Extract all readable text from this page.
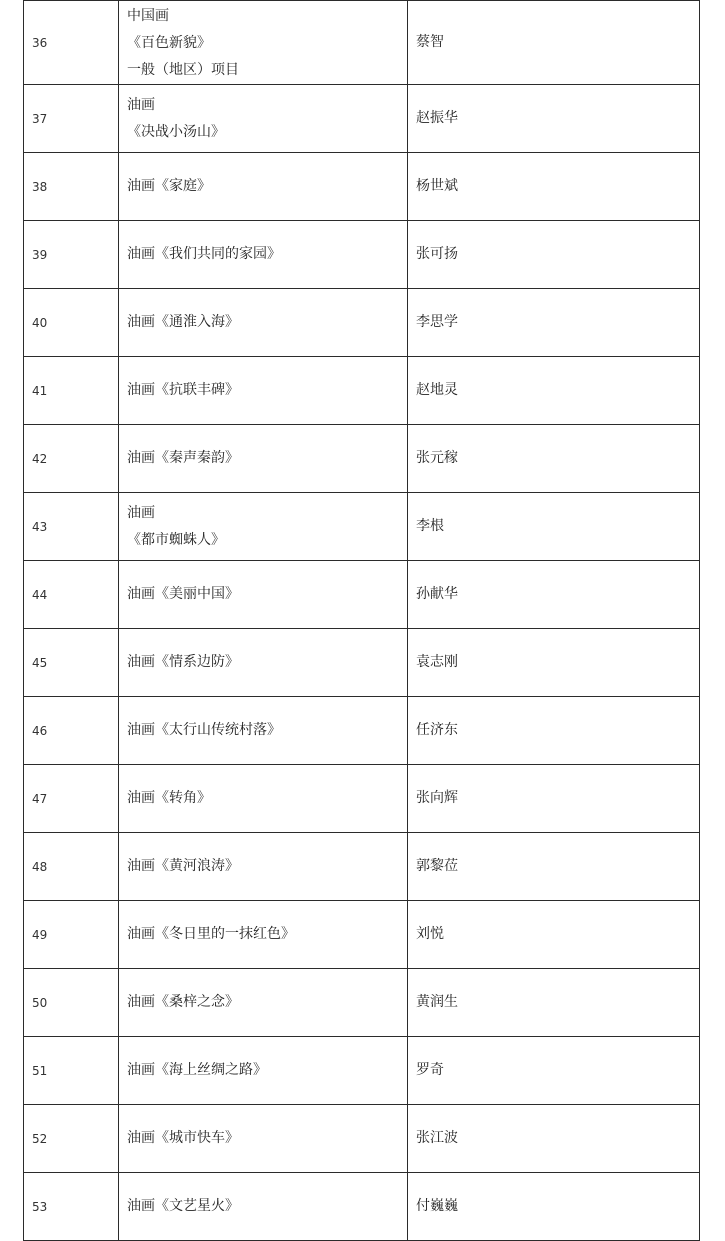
36	中国画
《百色新貌》
一般（地区）项目	蔡智
37	油画
《决战小汤山》	赵振华
38	油画《家庭》	杨世斌
39	油画《我们共同的家园》	张可扬
40	油画《通淮入海》	李思学
41	油画《抗联丰碑》	赵地灵
42	油画《秦声秦韵》	张元稼
43	油画
《都市蜘蛛人》	李根
44	油画《美丽中国》	孙献华
45	油画《情系边防》	袁志刚
46	油画《太行山传统村落》	任济东
47	油画《转角》	张向辉
48	油画《黄河浪涛》	郭黎莅
49	油画《冬日里的一抹红色》	刘悦
50	油画《桑梓之念》	黄润生
51	油画《海上丝绸之路》	罗奇
52	油画《城市快车》	张江波
53	油画《文艺星火》	付巍巍
